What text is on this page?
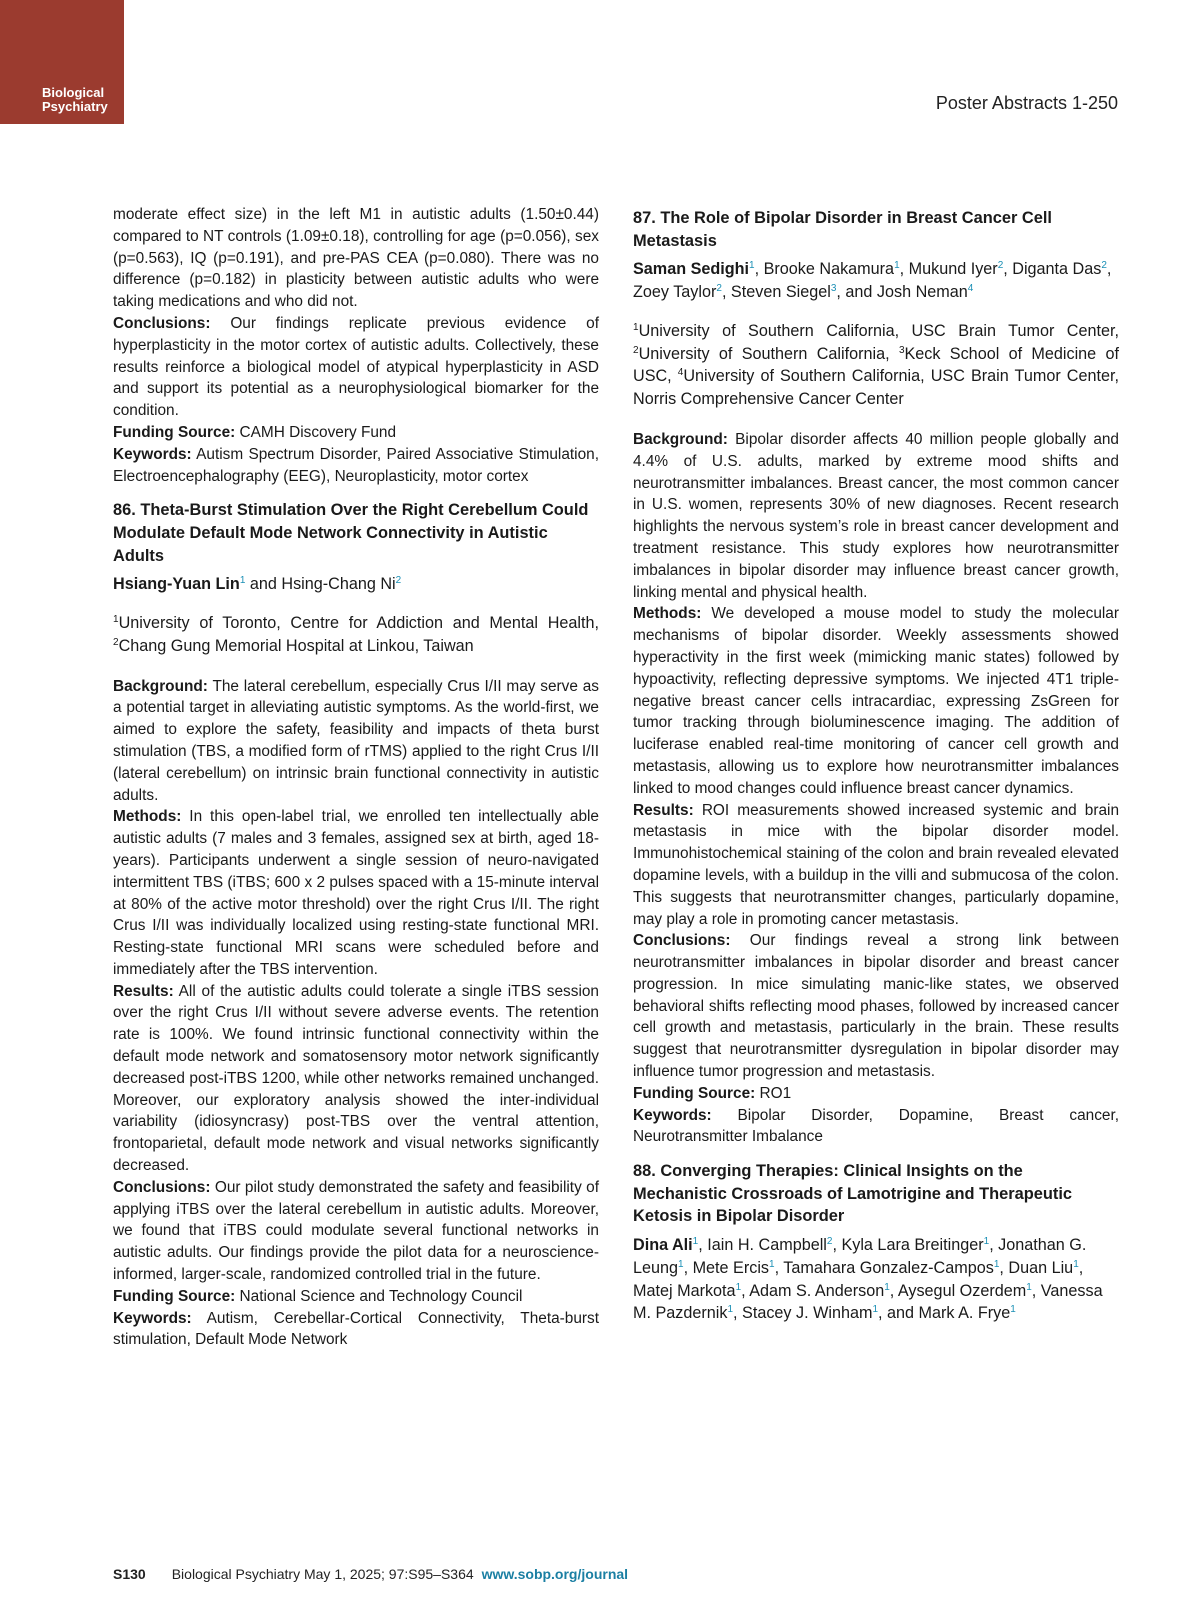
Biological
Psychiatry	Poster Abstracts 1-250

moderate effect size) in the left M1 in autistic adults (1.50±0.44) compared to NT controls (1.09±0.18), controlling for age (p=0.056), sex (p=0.563), IQ (p=0.191), and pre-PAS CEA (p=0.080). There was no difference (p=0.182) in plasticity between autistic adults who were taking medications and who did not.

Conclusions: Our findings replicate previous evidence of hyperplasticity in the motor cortex of autistic adults. Collectively, these results reinforce a biological model of atypical hyperplasticity in ASD and support its potential as a neurophysiological biomarker for the condition.

Funding Source: CAMH Discovery Fund

Keywords: Autism Spectrum Disorder, Paired Associative Stimulation, Electroencephalography (EEG), Neuroplasticity, motor cortex

86. Theta-Burst Stimulation Over the Right Cerebellum Could Modulate Default Mode Network Connectivity in Autistic Adults
Hsiang-Yuan Lin$^1$ and Hsing-Chang Ni$^2$
$^1$University of Toronto, Centre for Addiction and Mental Health, $^2$Chang Gung Memorial Hospital at Linkou, Taiwan

Background: The lateral cerebellum, especially Crus I/II may serve as a potential target in alleviating autistic symptoms. As the world-first, we aimed to explore the safety, feasibility and impacts of theta burst stimulation (TBS, a modified form of rTMS) applied to the right Crus I/II (lateral cerebellum) on intrinsic brain functional connectivity in autistic adults.

Methods: In this open-label trial, we enrolled ten intellectually able autistic adults (7 males and 3 females, assigned sex at birth, aged 18- years). Participants underwent a single session of neuro-navigated intermittent TBS (iTBS; 600 x 2 pulses spaced with a 15-minute interval at 80% of the active motor threshold) over the right Crus I/II. The right Crus I/II was individually localized using resting-state functional MRI. Resting-state functional MRI scans were scheduled before and immediately after the TBS intervention.

Results: All of the autistic adults could tolerate a single iTBS session over the right Crus I/II without severe adverse events. The retention rate is 100%. We found intrinsic functional connectivity within the default mode network and somatosensory motor network significantly decreased post-iTBS 1200, while other networks remained unchanged. Moreover, our exploratory analysis showed the inter-individual variability (idiosyncrasy) post-TBS over the ventral attention, frontoparietal, default mode network and visual networks significantly decreased.

Conclusions: Our pilot study demonstrated the safety and feasibility of applying iTBS over the lateral cerebellum in autistic adults. Moreover, we found that iTBS could modulate several functional networks in autistic adults. Our findings provide the pilot data for a neuroscience-informed, larger-scale, randomized controlled trial in the future.

Funding Source: National Science and Technology Council

Keywords: Autism, Cerebellar-Cortical Connectivity, Theta-burst stimulation, Default Mode Network

87. The Role of Bipolar Disorder in Breast Cancer Cell Metastasis
Saman Sedighi$^1$, Brooke Nakamura$^1$, Mukund Iyer$^2$, Diganta Das$^2$, Zoey Taylor$^2$, Steven Siegel$^3$, and Josh Neman$^4$
$^1$University of Southern California, USC Brain Tumor Center, $^2$University of Southern California, $^3$Keck School of Medicine of USC, $^4$University of Southern California, USC Brain Tumor Center, Norris Comprehensive Cancer Center

Background: Bipolar disorder affects 40 million people globally and 4.4% of U.S. adults, marked by extreme mood shifts and neurotransmitter imbalances. Breast cancer, the most common cancer in U.S. women, represents 30% of new diagnoses. Recent research highlights the nervous system’s role in breast cancer development and treatment resistance. This study explores how neurotransmitter imbalances in bipolar disorder may influence breast cancer growth, linking mental and physical health.

Methods: We developed a mouse model to study the molecular mechanisms of bipolar disorder. Weekly assessments showed hyperactivity in the first week (mimicking manic states) followed by hypoactivity, reflecting depressive symptoms. We injected 4T1 triple-negative breast cancer cells intracardiac, expressing ZsGreen for tumor tracking through bioluminescence imaging. The addition of luciferase enabled real-time monitoring of cancer cell growth and metastasis, allowing us to explore how neurotransmitter imbalances linked to mood changes could influence breast cancer dynamics.

Results: ROI measurements showed increased systemic and brain metastasis in mice with the bipolar disorder model. Immunohistochemical staining of the colon and brain revealed elevated dopamine levels, with a buildup in the villi and submucosa of the colon. This suggests that neurotransmitter changes, particularly dopamine, may play a role in promoting cancer metastasis.

Conclusions: Our findings reveal a strong link between neurotransmitter imbalances in bipolar disorder and breast cancer progression. In mice simulating manic-like states, we observed behavioral shifts reflecting mood phases, followed by increased cancer cell growth and metastasis, particularly in the brain. These results suggest that neurotransmitter dysregulation in bipolar disorder may influence tumor progression and metastasis.

Funding Source: RO1

Keywords: Bipolar Disorder, Dopamine, Breast cancer, Neurotransmitter Imbalance

88. Converging Therapies: Clinical Insights on the Mechanistic Crossroads of Lamotrigine and Therapeutic Ketosis in Bipolar Disorder
Dina Ali$^1$, Iain H. Campbell$^2$, Kyla Lara Breitinger$^1$, Jonathan G. Leung$^1$, Mete Ercis$^1$, Tamahara Gonzalez-Campos$^1$, Duan Liu$^1$, Matej Markota$^1$, Adam S. Anderson$^1$, Aysegul Ozerdem$^1$, Vanessa M. Pazdernik$^1$, Stacey J. Winham$^1$, and Mark A. Frye$^1$
S130 Biological Psychiatry May 1, 2025; 97:S95–S364 www.sobp.org/journal
